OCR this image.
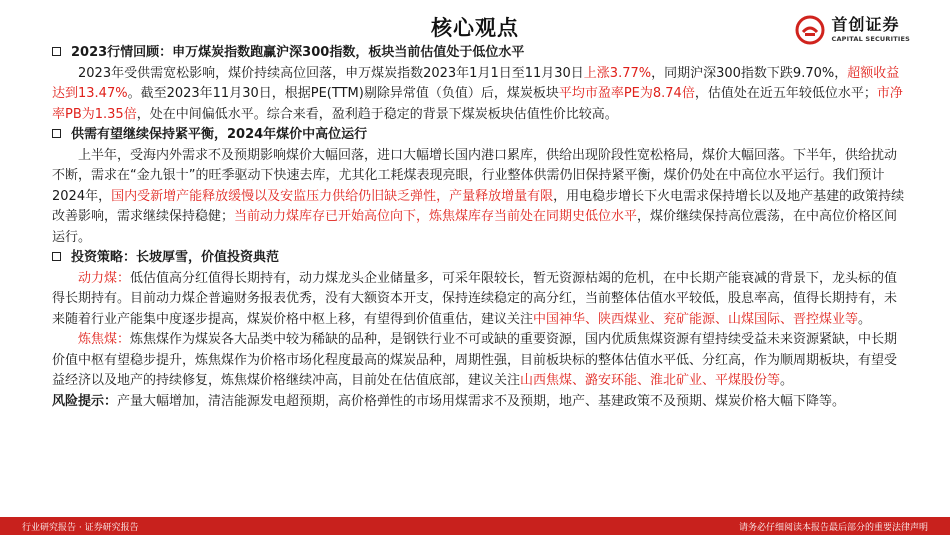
核心观点	首创证券
CAPITAL SECURITIES
2023行情回顾：申万煤炭指数跑赢沪深300指数，板块当前估值处于低位水平
2023年受供需宽松影响，煤价持续高位回落，申万煤炭指数2023年1月1日至11月30日上涨3.77%，同期沪深300指数下跌9.70%，超额收益达到13.47%。截至2023年11月30日，根据PE(TTM)剔除异常值（负值）后，煤炭板块平均市盈率PE为8.74倍，估值处在近五年较低位水平；市净率PB为1.35倍，处在中间偏低水平。综合来看，盈利趋于稳定的背景下煤炭板块估值性价比较高。
供需有望继续保持紧平衡，2024年煤价中高位运行
上半年，受海内外需求不及预期影响煤价大幅回落，进口大幅增长国内港口累库，供给出现阶段性宽松格局，煤价大幅回落。下半年，供给扰动不断，需求在“金九银十”的旺季驱动下快速去库，尤其化工耗煤表现亮眼，行业整体供需仍旧保持紧平衡，煤价仍处在中高位水平运行。我们预计2024年，国内受新增产能释放缓慢以及安监压力供给仍旧缺乏弹性，产量释放增量有限，用电稳步增长下火电需求保持增长以及地产基建的政策持续改善影响，需求继续保持稳健；当前动力煤库存已开始高位向下，炼焦煤库存当前处在同期史低位水平，煤价继续保持高位震荡，在中高位价格区间运行。
投资策略：长坡厚雪，价值投资典范
动力煤：低估值高分红值得长期持有，动力煤龙头企业储量多，可采年限较长，暂无资源枯竭的危机，在中长期产能衰减的背景下，龙头标的值得长期持有。目前动力煤企普遍财务报表优秀，没有大额资本开支，保持连续稳定的高分红，当前整体估值水平较低，股息率高，值得长期持有，未来随着行业产能集中度逐步提高，煤炭价格中枢上移，有望得到价值重估，建议关注中国神华、陕西煤业、兖矿能源、山煤国际、晋控煤业等。
炼焦煤：炼焦煤作为煤炭各大品类中较为稀缺的品种，是钢铁行业不可或缺的重要资源，国内优质焦煤资源有望持续受益未来资源紧缺，中长期价值中枢有望稳步提升，炼焦煤作为价格市场化程度最高的煤炭品种，周期性强，目前板块标的整体估值水平低、分红高，作为顺周期板块，有望受益经济以及地产的持续修复，炼焦煤价格继续冲高，目前处在估值底部，建议关注山西焦煤、潞安环能、淮北矿业、平煤股份等。
风险提示：产量大幅增加，清洁能源发电超预期，高价格弹性的市场用煤需求不及预期，地产、基建政策不及预期、煤炭价格大幅下降等。
行业研究报告 · 证券研究报告	请务必仔细阅读本报告最后部分的重要法律声明
